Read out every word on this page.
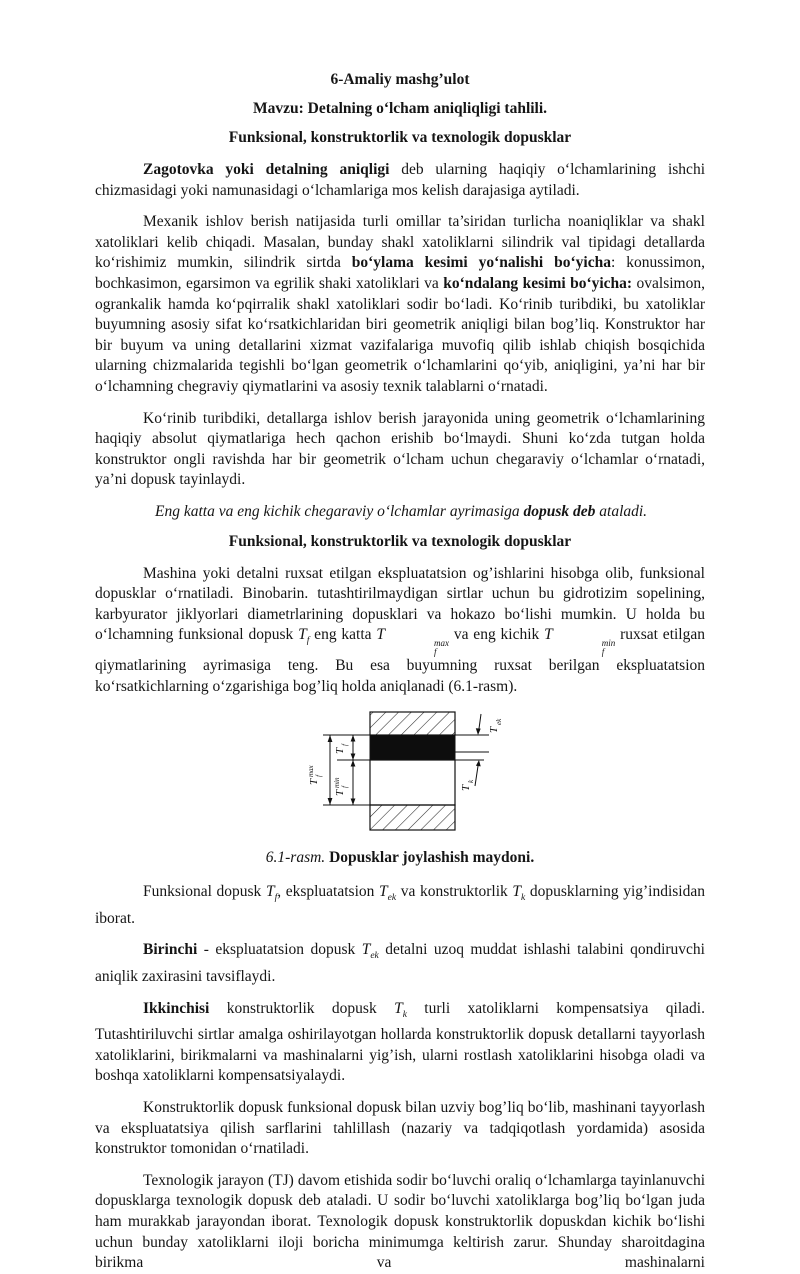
6-Amaliy mashg’ulot
Mavzu: Detalning o‘lcham aniqliqligi tahlili.
Funksional, konstruktorlik va texnologik dopusklar

Zagotovka yoki detalning aniqligi deb ularning haqiqiy o‘lchamlarining ishchi chizmasidagi yoki namunasidagi o‘lchamlariga mos kelish darajasiga aytiladi.

Mexanik ishlov berish natijasida turli omillar ta’siridan turlicha noaniqliklar va shakl xatoliklari kelib chiqadi. Masalan, bunday shakl xatoliklarni silindrik val tipidagi detallarda ko‘rishimiz mumkin, silindrik sirtda bo‘ylama kesimi yo‘nalishi bo‘yicha: konussimon, bochkasimon, egarsimon va egrilik shaki xatoliklari va ko‘ndalang kesimi bo‘yicha: ovalsimon, ogrankalik hamda ko‘pqirralik shakl xatoliklari sodir bo‘ladi. Ko‘rinib turibdiki, bu xatoliklar buyumning asosiy sifat ko‘rsatkichlaridan biri geometrik aniqligi bilan bog’liq. Konstruktor har bir buyum va uning detallarini xizmat vazifalariga muvofiq qilib ishlab chiqish bosqichida ularning chizmalarida tegishli bo‘lgan geometrik o‘lchamlarini qo‘yib, aniqligini, ya’ni har bir o‘lchamning chegraviy qiymatlarini va asosiy texnik talablarni o‘rnatadi.

Ko‘rinib turibdiki, detallarga ishlov berish jarayonida uning geometrik o‘lchamlarining haqiqiy absolut qiymatlariga hech qachon erishib bo‘lmaydi. Shuni ko‘zda tutgan holda konstruktor ongli ravishda har bir geometrik o‘lcham uchun chegaraviy o‘lchamlar o‘rnatadi, ya’ni dopusk tayinlaydi.

Eng katta va eng kichik chegaraviy o‘lchamlar ayrimasiga dopusk deb ataladi.

Funksional, konstruktorlik va texnologik dopusklar

Mashina yoki detalni ruxsat etilgan ekspluatatsion og’ishlarini hisobga olib, funksional dopusklar o‘rnatiladi. Binobarin. tutashtirilmaydigan sirtlar uchun bu gidrotizim sopelining, karbyurator jiklyorlari diametrlarining dopusklari va hokazo bo‘lishi mumkin. U holda bu o‘lchamning funksional dopusk $T_f$ eng katta T	max
f
va eng kichik T	min
f
ruxsat etilgan qiymatlarining ayrimasiga teng. Bu esa buyumning ruxsat berilgan ekspluatatsion ko‘rsatkichlarning o‘zgarishiga bog’liq holda aniqlanadi (6.1-rasm).

T
max f
T
f
T
min f
T
ek
T
k

6.1-rasm. Dopusklar joylashish maydoni.

Funksional dopusk $T_f$, ekspluatatsion $T_{ek}$ va konstruktorlik $T_k$ dopusklarning yig’indisidan iborat.

Birinchi - ekspluatatsion dopusk $T_{ek}$ detalni uzoq muddat ishlashi talabini qondiruvchi aniqlik zaxirasini tavsiflaydi.

Ikkinchisi konstruktorlik dopusk $T_k$ turli xatoliklarni kompensatsiya qiladi. Tutashtiriluvchi sirtlar amalga oshirilayotgan hollarda konstruktorlik dopusk detallarni tayyorlash xatoliklarini, birikmalarni va mashinalarni yig’ish, ularni rostlash xatoliklarini hisobga oladi va boshqa xatoliklarni kompensatsiyalaydi.

Konstruktorlik dopusk funksional dopusk bilan uzviy bog’liq bo‘lib, mashinani tayyorlash va ekspluatatsiya qilish sarflarini tahlillash (nazariy va tadqiqotlash yordamida) asosida konstruktor tomonidan o‘rnatiladi.

Texnologik jarayon (TJ) davom etishida sodir bo‘luvchi oraliq o‘lchamlarga tayinlanuvchi dopusklarga texnologik dopusk deb ataladi. U sodir bo‘luvchi xatoliklarga bog’liq bo‘lgan juda ham murakkab jarayondan iborat. Texnologik dopusk konstruktorlik dopuskdan kichik bo‘lishi uchun bunday xatoliklarni iloji boricha minimumga keltirish zarur. Shunday sharoitdagina birikma va mashinalarni
